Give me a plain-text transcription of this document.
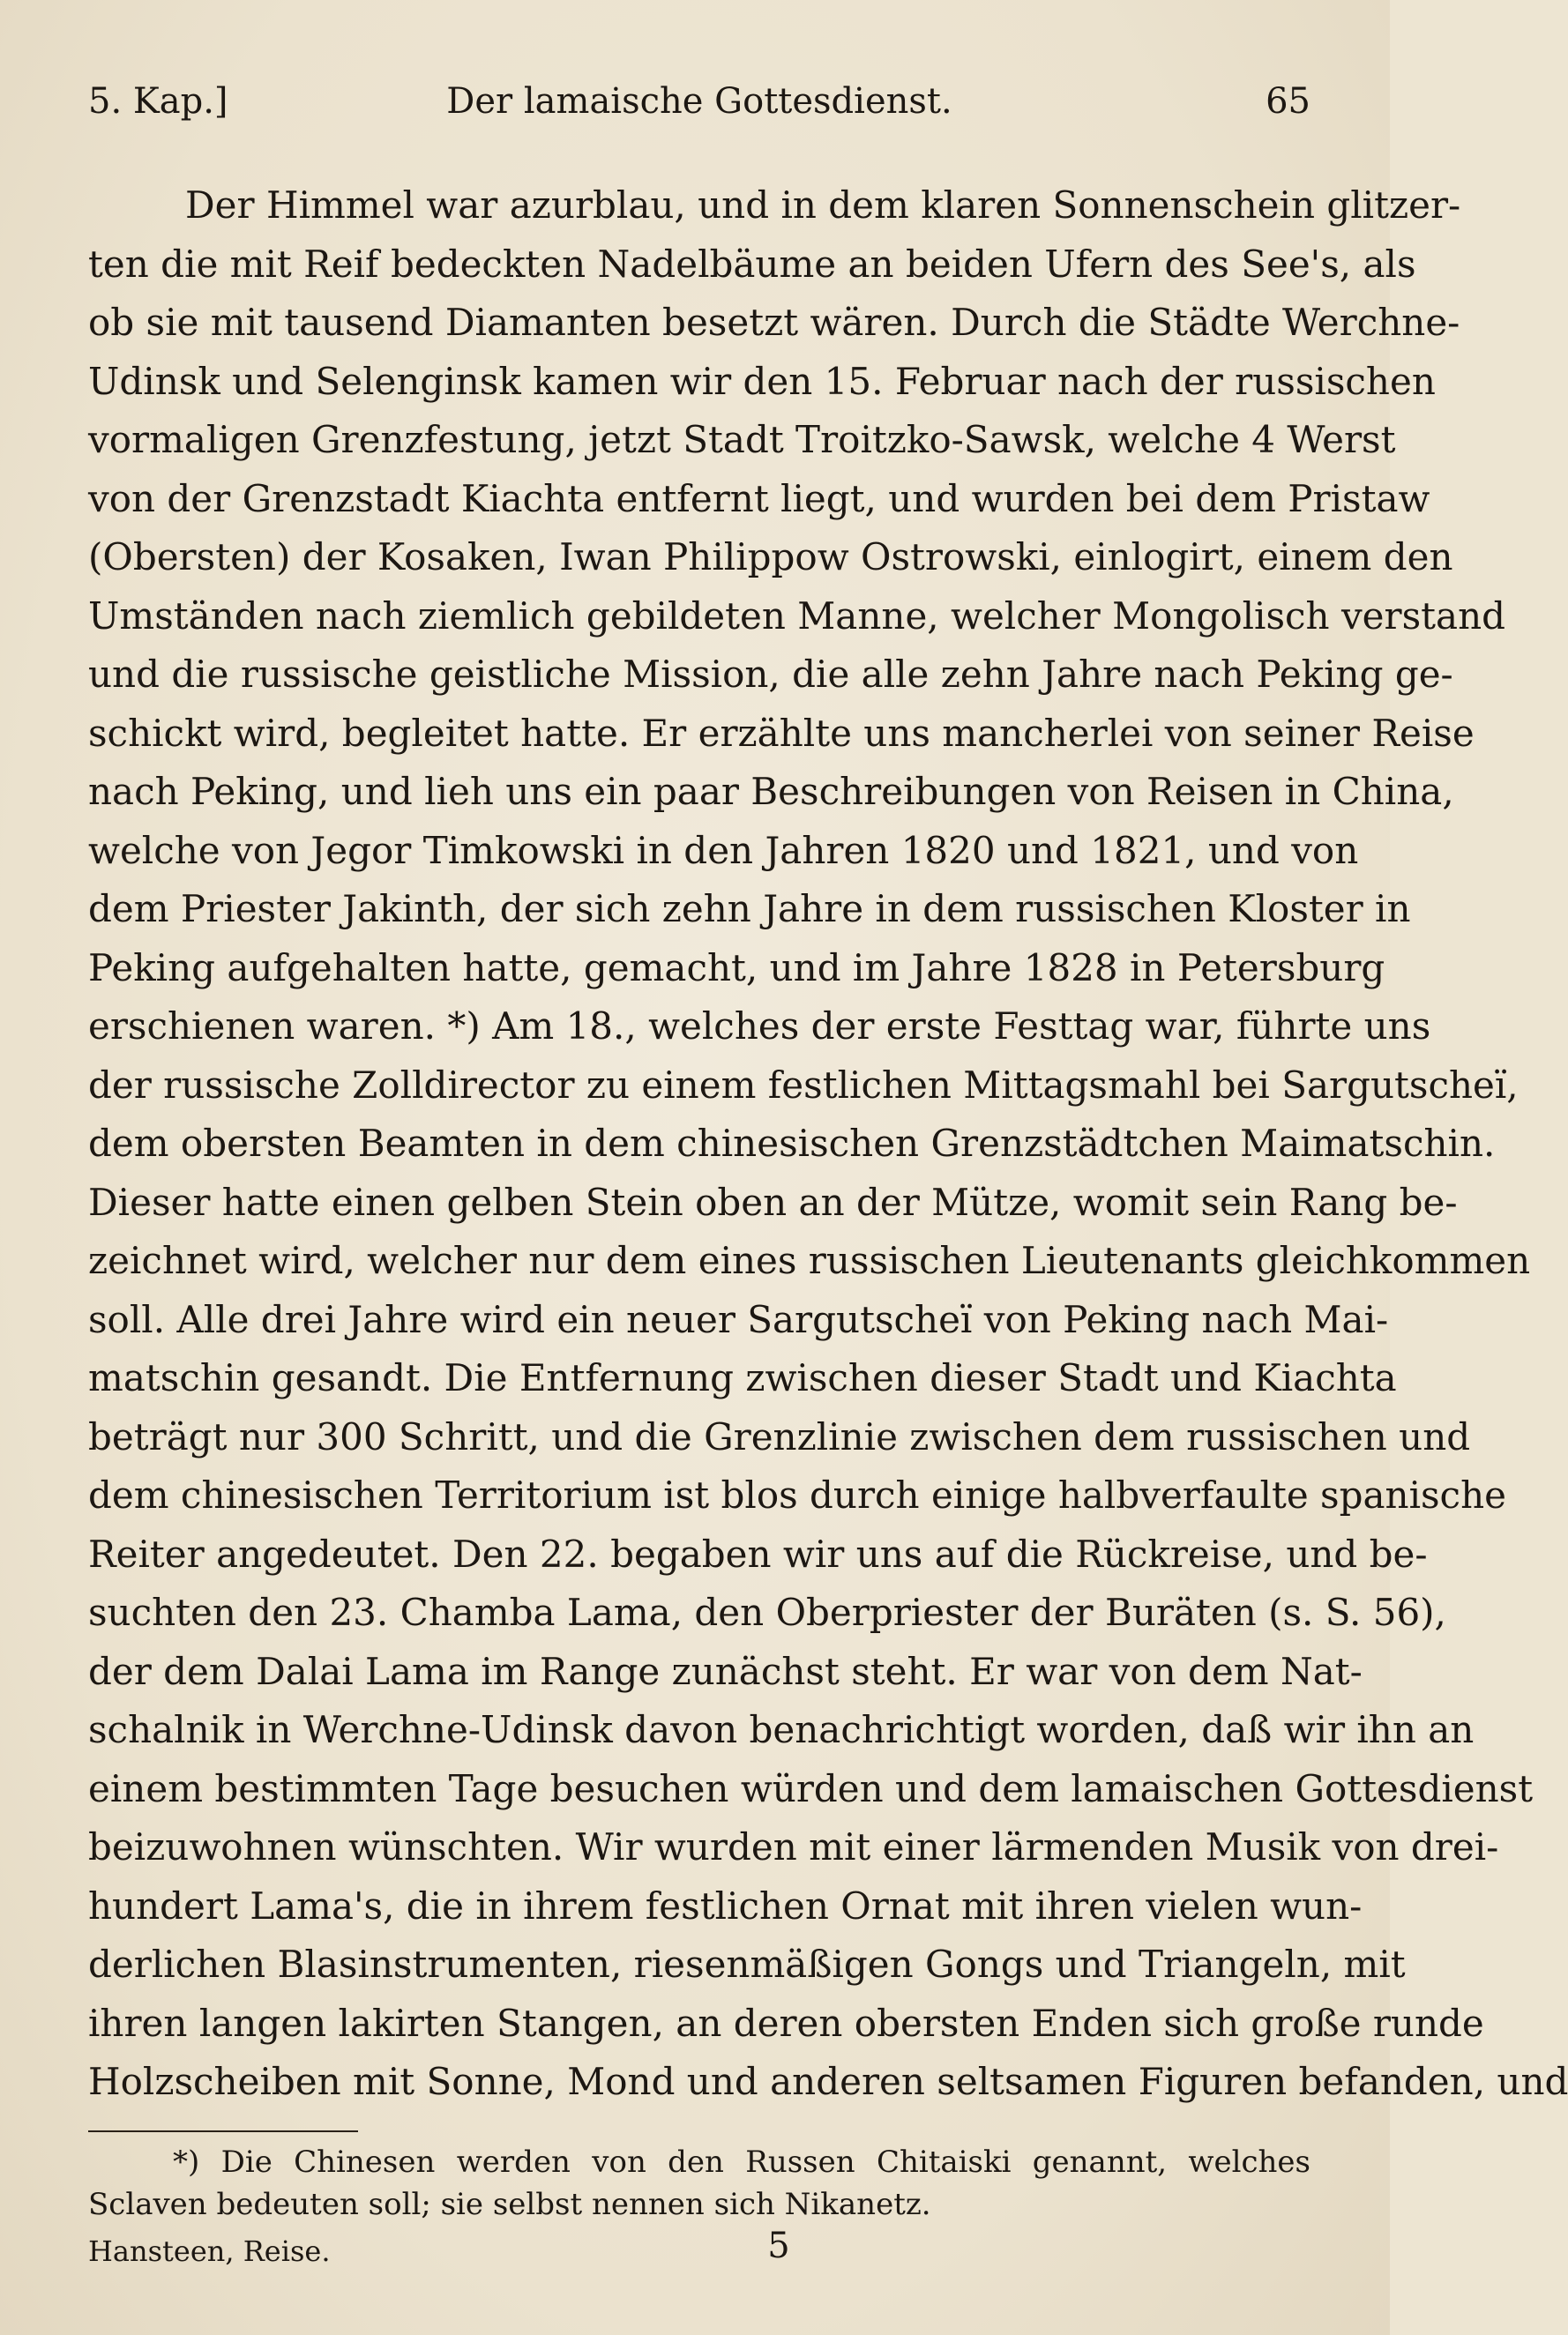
5. Kap.]	Der lamaische Gottesdienst.	65
Der Himmel war azurblau, und in dem klaren Sonnenschein glitzer-
ten die mit Reif bedeckten Nadelbäume an beiden Ufern des See's, als
ob sie mit tausend Diamanten besetzt wären. Durch die Städte Werchne-
Udinsk und Selenginsk kamen wir den 15. Februar nach der russischen
vormaligen Grenzfestung, jetzt Stadt Troitzko-Sawsk, welche 4 Werst
von der Grenzstadt Kiachta entfernt liegt, und wurden bei dem Pristaw
(Obersten) der Kosaken, Iwan Philippow Ostrowski, einlogirt, einem den
Umständen nach ziemlich gebildeten Manne, welcher Mongolisch verstand
und die russische geistliche Mission, die alle zehn Jahre nach Peking ge-
schickt wird, begleitet hatte. Er erzählte uns mancherlei von seiner Reise
nach Peking, und lieh uns ein paar Beschreibungen von Reisen in China,
welche von Jegor Timkowski in den Jahren 1820 und 1821, und von
dem Priester Jakinth, der sich zehn Jahre in dem russischen Kloster in
Peking aufgehalten hatte, gemacht, und im Jahre 1828 in Petersburg
erschienen waren. *) Am 18., welches der erste Festtag war, führte uns
der russische Zolldirector zu einem festlichen Mittagsmahl bei Sargutscheï,
dem obersten Beamten in dem chinesischen Grenzstädtchen Maimatschin.
Dieser hatte einen gelben Stein oben an der Mütze, womit sein Rang be-
zeichnet wird, welcher nur dem eines russischen Lieutenants gleichkommen
soll. Alle drei Jahre wird ein neuer Sargutscheï von Peking nach Mai-
matschin gesandt. Die Entfernung zwischen dieser Stadt und Kiachta
beträgt nur 300 Schritt, und die Grenzlinie zwischen dem russischen und
dem chinesischen Territorium ist blos durch einige halbverfaulte spanische
Reiter angedeutet. Den 22. begaben wir uns auf die Rückreise, und be-
suchten den 23. Chamba Lama, den Oberpriester der Buräten (s. S. 56),
der dem Dalai Lama im Range zunächst steht. Er war von dem Nat-
schalnik in Werchne-Udinsk davon benachrichtigt worden, daß wir ihn an
einem bestimmten Tage besuchen würden und dem lamaischen Gottesdienst
beizuwohnen wünschten. Wir wurden mit einer lärmenden Musik von drei-
hundert Lama's, die in ihrem festlichen Ornat mit ihren vielen wun-
derlichen Blasinstrumenten, riesenmäßigen Gongs und Triangeln, mit
ihren langen lakirten Stangen, an deren obersten Enden sich große runde
Holzscheiben mit Sonne, Mond und anderen seltsamen Figuren befanden, und
*) Die Chinesen werden von den Russen Chitaiski genannt, welches
Sclaven bedeuten soll; sie selbst nennen sich Nikanetz.
Hansteen, Reise.	5
